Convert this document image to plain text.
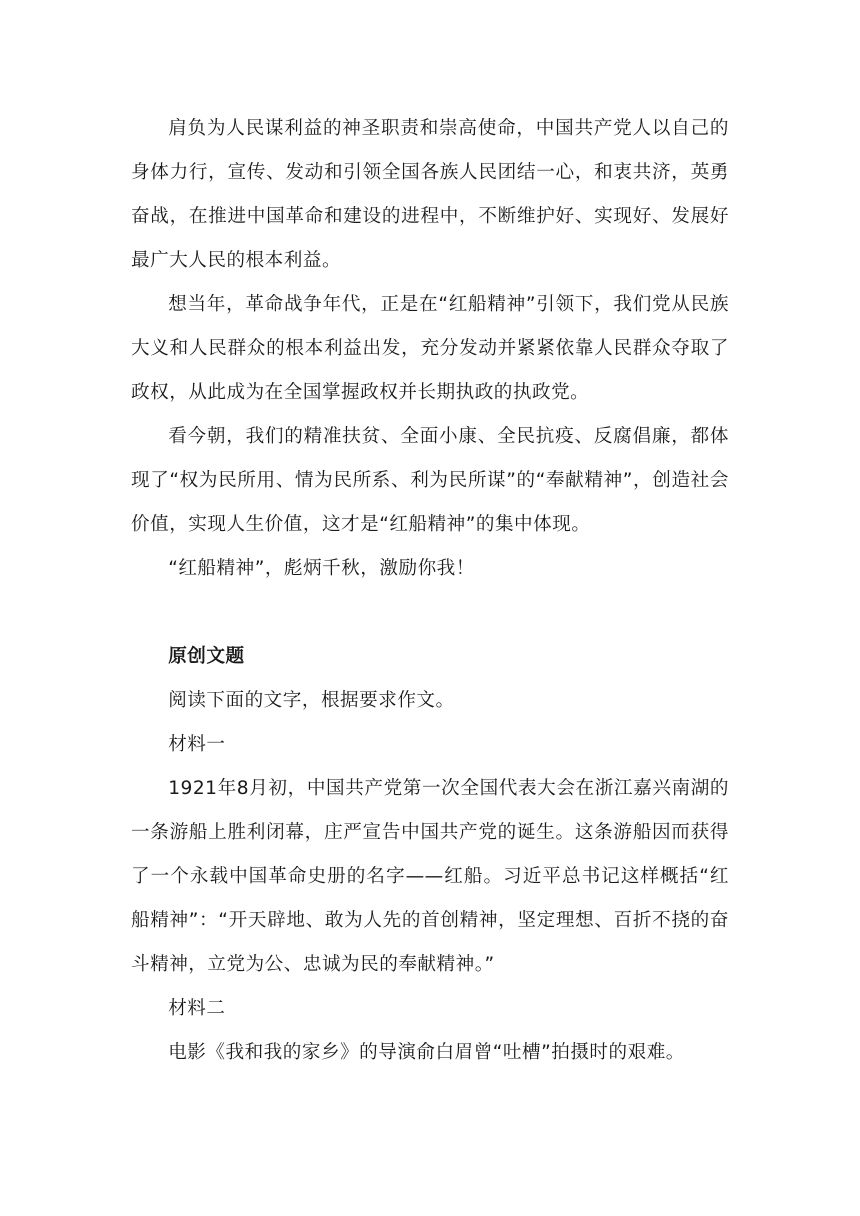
肩负为人民谋利益的神圣职责和崇高使命，中国共产党人以自己的身体力行，宣传、发动和引领全国各族人民团结一心，和衷共济，英勇奋战，在推进中国革命和建设的进程中，不断维护好、实现好、发展好最广大人民的根本利益。

想当年，革命战争年代，正是在“红船精神”引领下，我们党从民族大义和人民群众的根本利益出发，充分发动并紧紧依靠人民群众夺取了政权，从此成为在全国掌握政权并长期执政的执政党。

看今朝，我们的精准扶贫、全面小康、全民抗疫、反腐倡廉，都体现了“权为民所用、情为民所系、利为民所谋”的“奉献精神”，创造社会价值，实现人生价值，这才是“红船精神”的集中体现。

“红船精神”，彪炳千秋，激励你我！

原创文题

阅读下面的文字，根据要求作文。

材料一

1921年8月初，中国共产党第一次全国代表大会在浙江嘉兴南湖的一条游船上胜利闭幕，庄严宣告中国共产党的诞生。这条游船因而获得了一个永载中国革命史册的名字——红船。习近平总书记这样概括“红船精神”：“开天辟地、敢为人先的首创精神，坚定理想、百折不挠的奋斗精神，立党为公、忠诚为民的奉献精神。”

材料二

电影《我和我的家乡》的导演俞白眉曾“吐槽”拍摄时的艰难。
